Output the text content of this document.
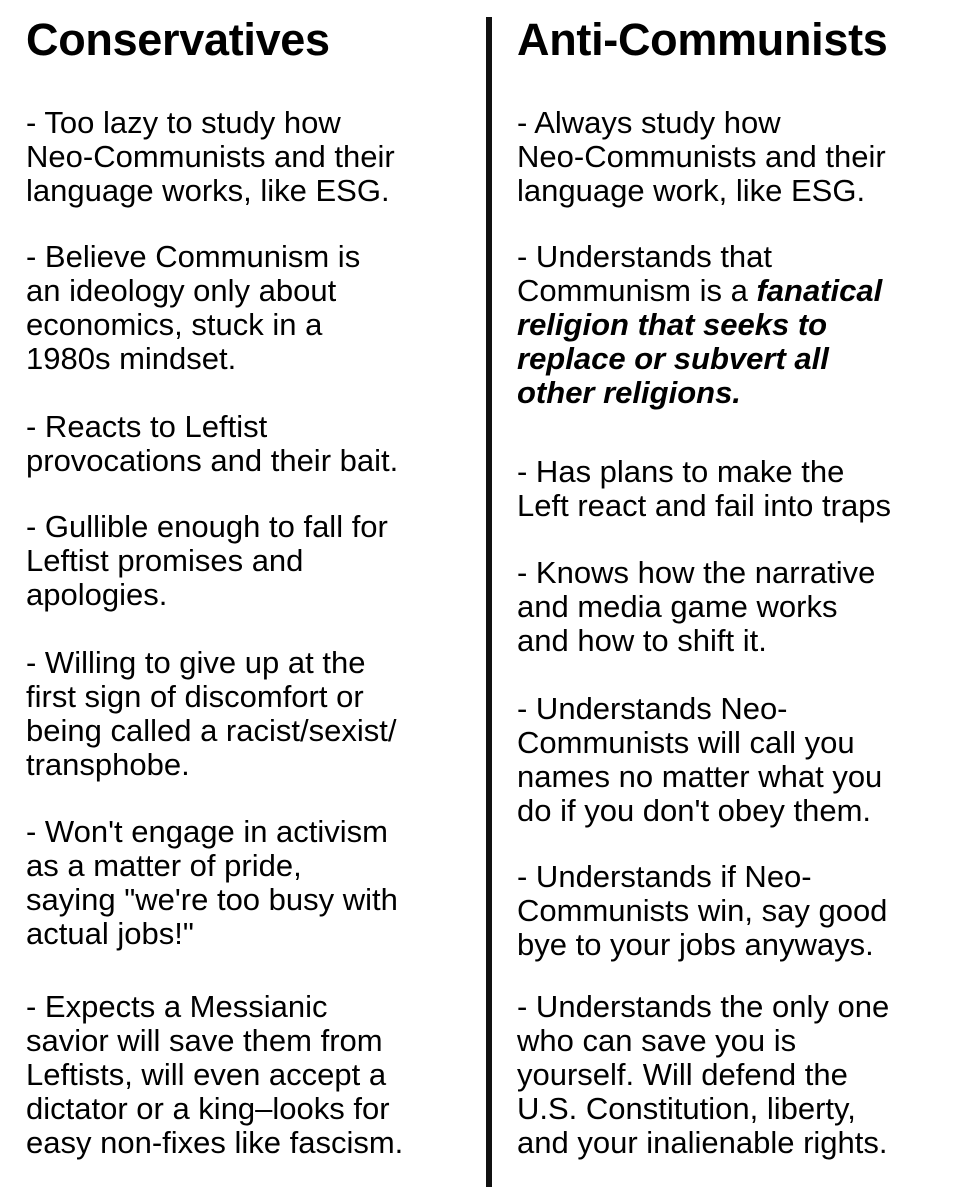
Conservatives

- Too lazy to study how
Neo-Communists and their
language works, like ESG.

- Believe Communism is
an ideology only about
economics, stuck in a
1980s mindset.

- Reacts to Leftist
provocations and their bait.

- Gullible enough to fall for
Leftist promises and
apologies.

- Willing to give up at the
first sign of discomfort or
being called a racist/sexist/
transphobe.

- Won't engage in activism
as a matter of pride,
saying "we're too busy with
actual jobs!"

- Expects a Messianic
savior will save them from
Leftists, will even accept a
dictator or a king–looks for
easy non-fixes like fascism.

Anti-Communists

- Always study how
Neo-Communists and their
language work, like ESG.

- Understands that
Communism is a fanatical
religion that seeks to
replace or subvert all
other religions.

- Has plans to make the
Left react and fail into traps

- Knows how the narrative
and media game works
and how to shift it.

- Understands Neo-
Communists will call you
names no matter what you
do if you don't obey them.

- Understands if Neo-
Communists win, say good
bye to your jobs anyways.

- Understands the only one
who can save you is
yourself. Will defend the
U.S. Constitution, liberty,
and your inalienable rights.
